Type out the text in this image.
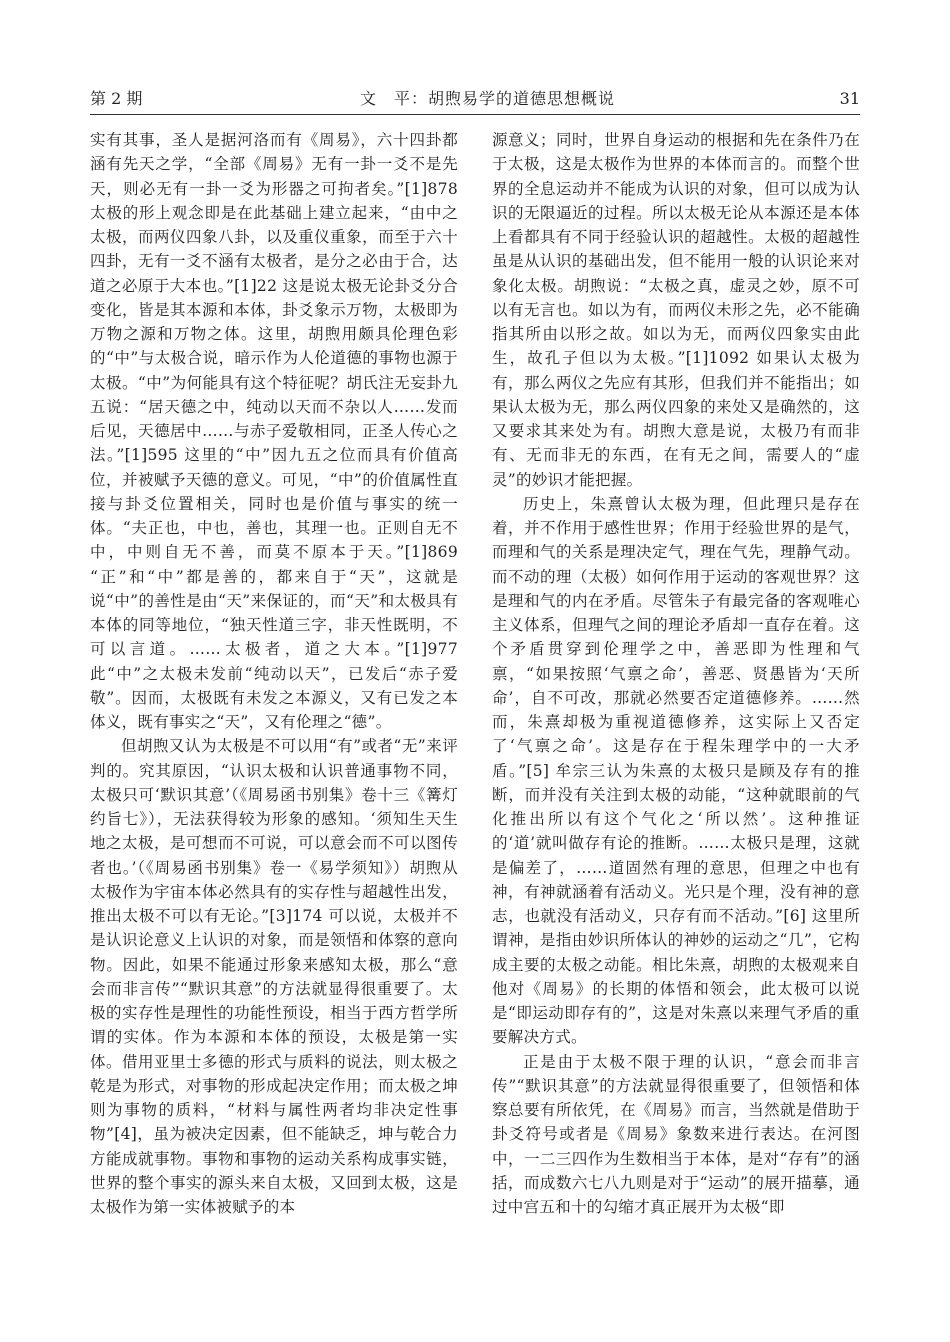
第 2 期	文　平：胡煦易学的道德思想概说	31

实有其事，圣人是据河洛而有《周易》，六十四卦都涵有先天之学，“全部《周易》无有一卦一爻不是先天，则必无有一卦一爻为形器之可拘者矣。”[1]878 太极的形上观念即是在此基础上建立起来，“由中之太极，而两仪四象八卦，以及重仪重象，而至于六十四卦，无有一爻不涵有太极者，是分之必由于合，达道之必原于大本也。”[1]22 这是说太极无论卦爻分合变化，皆是其本源和本体，卦爻象示万物，太极即为万物之源和万物之体。这里，胡煦用颇具伦理色彩的“中”与太极合说，暗示作为人伦道德的事物也源于太极。“中”为何能具有这个特征呢？胡氏注无妄卦九五说：“居天德之中，纯动以天而不杂以人……发而后见，天德居中……与赤子爱敬相同，正圣人传心之法。”[1]595 这里的“中”因九五之位而具有价值高位，并被赋予天德的意义。可见，“中”的价值属性直接与卦爻位置相关，同时也是价值与事实的统一体。“夫正也，中也，善也，其理一也。正则自无不中，中则自无不善，而莫不原本于天。”[1]869 “正”和“中”都是善的，都来自于“天”，这就是说“中”的善性是由“天”来保证的，而“天”和太极具有本体的同等地位，“独天性道三字，非天性既明，不可以言道。……太极者，道之大本。”[1]977 此“中”之太极未发前“纯动以天”，已发后“赤子爱敬”。因而，太极既有未发之本源义，又有已发之本体义，既有事实之“天”，又有伦理之“德”。

但胡煦又认为太极是不可以用“有”或者“无”来评判的。究其原因，“认识太极和认识普通事物不同，太极只可‘默识其意’（《周易函书别集》卷十三《篝灯约旨七》），无法获得较为形象的感知。‘须知生天生地之太极，是可想而不可说，可以意会而不可以图传者也。’（《周易函书别集》卷一《易学须知》）胡煦从太极作为宇宙本体必然具有的实存性与超越性出发，推出太极不可以有无论。”[3]174 可以说，太极并不是认识论意义上认识的对象，而是领悟和体察的意向物。因此，如果不能通过形象来感知太极，那么“意会而非言传”“默识其意”的方法就显得很重要了。太极的实存性是理性的功能性预设，相当于西方哲学所谓的实体。作为本源和本体的预设，太极是第一实体。借用亚里士多德的形式与质料的说法，则太极之乾是为形式，对事物的形成起决定作用；而太极之坤则为事物的质料，“材料与属性两者均非决定性事物”[4]，虽为被决定因素，但不能缺乏，坤与乾合力方能成就事物。事物和事物的运动关系构成事实链，世界的整个事实的源头来自太极，又回到太极，这是太极作为第一实体被赋予的本

源意义；同时，世界自身运动的根据和先在条件乃在于太极，这是太极作为世界的本体而言的。而整个世界的全息运动并不能成为认识的对象，但可以成为认识的无限逼近的过程。所以太极无论从本源还是本体上看都具有不同于经验认识的超越性。太极的超越性虽是从认识的基础出发，但不能用一般的认识论来对象化太极。胡煦说：“太极之真，虚灵之妙，原不可以有无言也。如以为有，而两仪未形之先，必不能确指其所由以形之故。如以为无，而两仪四象实由此生，故孔子但以为太极。”[1]1092 如果认太极为有，那么两仪之先应有其形，但我们并不能指出；如果认太极为无，那么两仪四象的来处又是确然的，这又要求其来处为有。胡煦大意是说，太极乃有而非有、无而非无的东西，在有无之间，需要人的“虚灵”的妙识才能把握。

历史上，朱熹曾认太极为理，但此理只是存在着，并不作用于感性世界；作用于经验世界的是气，而理和气的关系是理决定气，理在气先，理静气动。而不动的理（太极）如何作用于运动的客观世界？这是理和气的内在矛盾。尽管朱子有最完备的客观唯心主义体系，但理气之间的理论矛盾却一直存在着。这个矛盾贯穿到伦理学之中，善恶即为性理和气禀，“如果按照‘气禀之命’，善恶、贤愚皆为‘天所命’，自不可改，那就必然要否定道德修养。……然而，朱熹却极为重视道德修养，这实际上又否定了‘气禀之命’。这是存在于程朱理学中的一大矛盾。”[5] 牟宗三认为朱熹的太极只是顾及存有的推断，而并没有关注到太极的动能，“这种就眼前的气化推出所以有这个气化之‘所以然’。这种推证的‘道’就叫做存有论的推断。……太极只是理，这就是偏差了，……道固然有理的意思，但理之中也有神，有神就涵着有活动义。光只是个理，没有神的意志，也就没有活动义，只存有而不活动。”[6] 这里所谓神，是指由妙识所体认的神妙的运动之“几”，它构成主要的太极之动能。相比朱熹，胡煦的太极观来自他对《周易》的长期的体悟和领会，此太极可以说是“即运动即存有的”，这是对朱熹以来理气矛盾的重要解决方式。

正是由于太极不限于理的认识，“意会而非言传”“默识其意”的方法就显得很重要了，但领悟和体察总要有所依凭，在《周易》而言，当然就是借助于卦爻符号或者是《周易》象数来进行表达。在河图中，一二三四作为生数相当于本体，是对“存有”的涵括，而成数六七八九则是对于“运动”的展开描摹，通过中宫五和十的勾缩才真正展开为太极“即
